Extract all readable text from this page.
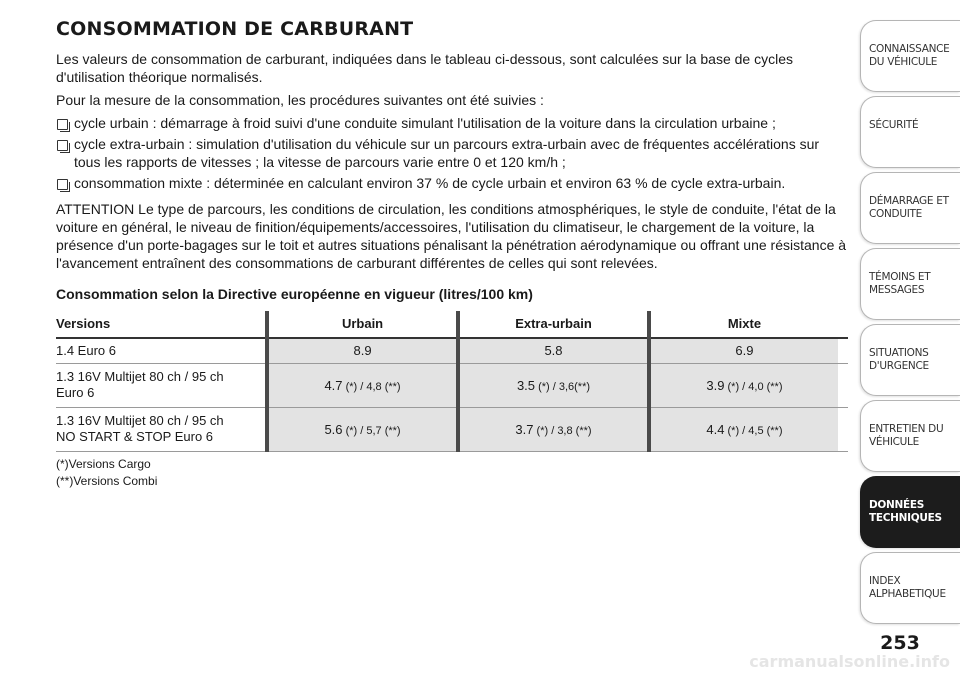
CONSOMMATION DE CARBURANT

Les valeurs de consommation de carburant, indiquées dans le tableau ci-dessous, sont calculées sur la base de cycles d'utilisation théorique normalisés.

Pour la mesure de la consommation, les procédures suivantes ont été suivies :

cycle urbain : démarrage à froid suivi d'une conduite simulant l'utilisation de la voiture dans la circulation urbaine ;
cycle extra-urbain : simulation d'utilisation du véhicule sur un parcours extra-urbain avec de fréquentes accélérations sur tous les rapports de vitesses ; la vitesse de parcours varie entre 0 et 120 km/h ;
consommation mixte : déterminée en calculant environ 37 % de cycle urbain et environ 63 % de cycle extra-urbain.

ATTENTION Le type de parcours, les conditions de circulation, les conditions atmosphériques, le style de conduite, l'état de la voiture en général, le niveau de finition/équipements/accessoires, l'utilisation du climatiseur, le chargement de la voiture, la présence d'un porte-bagages sur le toit et autres situations pénalisant la pénétration aérodynamique ou offrant une résistance à l'avancement entraînent des consommations de carburant différentes de celles qui sont relevées.

Consommation selon la Directive européenne en vigueur (litres/100 km)
Versions	Urbain	Extra-urbain	Mixte	
1.4 Euro 6	8.9	5.8	6.9	
1.3 16V Multijet 80 ch / 95 ch
Euro 6	4.7 (*) / 4,8 (**)	3.5 (*) / 3,6(**)	3.9 (*) / 4,0 (**)	
1.3 16V Multijet 80 ch / 95 ch
NO START & STOP Euro 6	5.6 (*) / 5,7 (**)	3.7 (*) / 3,8 (**)	4.4 (*) / 4,5 (**)	
(*)Versions Cargo
(**)Versions Combi
CONNAISSANCE
DU VÉHICULE
SÉCURITÉ

DÉMARRAGE ET
CONDUITE
TÉMOINS ET
MESSAGES
SITUATIONS
D'URGENCE
ENTRETIEN DU
VÉHICULE
DONNÉES
TECHNIQUES
INDEX
ALPHABETIQUE
253
carmanualsonline.info
